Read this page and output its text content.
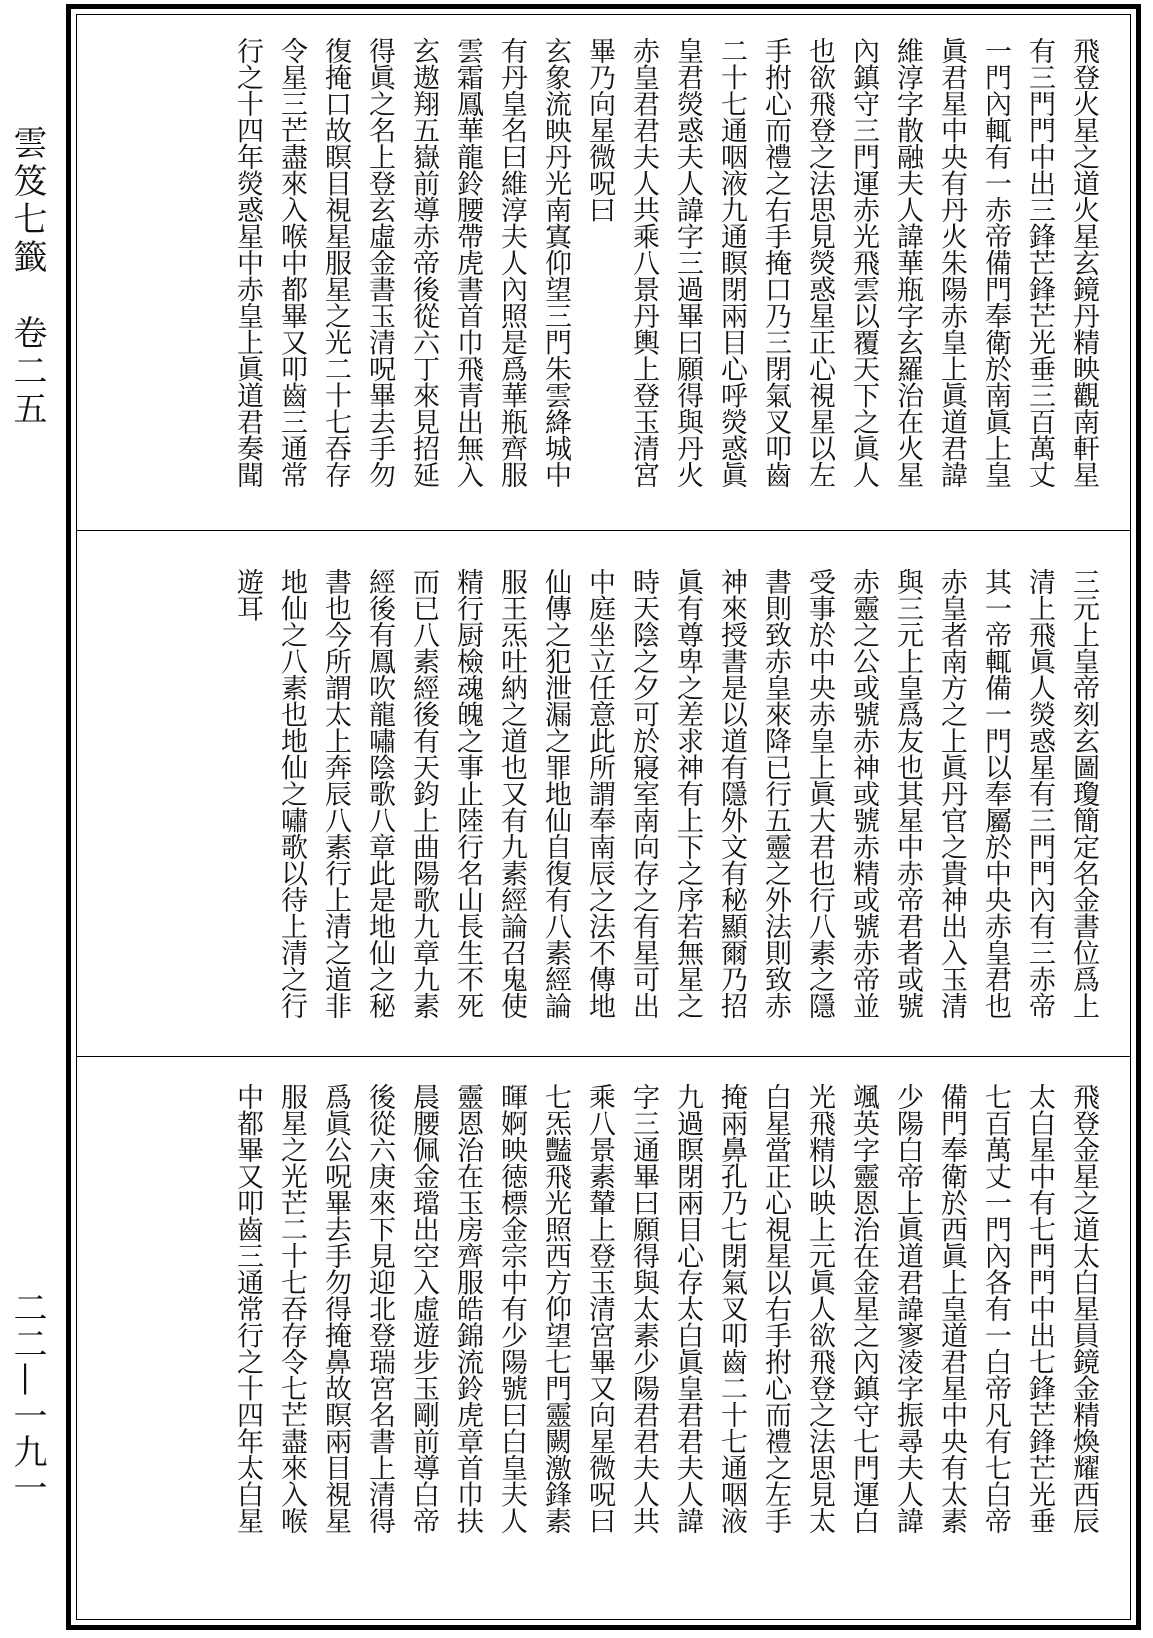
雲笈七籤　卷二五
二二—一九一
飛登火星之道火星玄鏡丹精映觀南軒星
有三門門中出三鋒芒鋒芒光垂三百萬丈
一門內輒有一赤帝備門奉衛於南眞上皇
眞君星中央有丹火朱陽赤皇上眞道君諱
維淳字散融夫人諱華瓶字玄羅治在火星
內鎮守三門運赤光飛雲以覆天下之眞人
也欲飛登之法思見熒惑星正心視星以左
手拊心而禮之右手掩口乃三閉氣叉叩齒
二十七通咽液九通瞑閉兩目心呼熒惑眞
皇君熒惑夫人諱字三過畢曰願得與丹火
赤皇君君夫人共乘八景丹輿上登玉清宮
畢乃向星微呪曰
玄象流映丹光南寘仰望三門朱雲絳城中
有丹皇名曰維淳夫人內照是爲華瓶齊服
雲霜鳳華龍鈴腰帶虎書首巾飛青出無入
玄遨翔五嶽前導赤帝後從六丁來見招延
得眞之名上登玄虛金書玉清呪畢去手勿
復掩口故瞑目視星服星之光二十七吞存
令星三芒盡來入喉中都畢又叩齒三通常
行之十四年熒惑星中赤皇上眞道君奏聞
三元上皇帝刻玄圖瓊簡定名金書位爲上
清上飛眞人熒惑星有三門門內有三赤帝
其一帝輒備一門以奉屬於中央赤皇君也
赤皇者南方之上眞丹官之貴神出入玉清
與三元上皇爲友也其星中赤帝君者或號
赤靈之公或號赤神或號赤精或號赤帝並
受事於中央赤皇上眞大君也行八素之隱
書則致赤皇來降已行五靈之外法則致赤
神來授書是以道有隱外文有秘顯爾乃招
眞有尊卑之差求神有上下之序若無星之
時天陰之夕可於寢室南向存之有星可出
中庭坐立任意此所謂奉南辰之法不傳地
仙傳之犯泄漏之罪地仙自復有八素經論
服王炁吐納之道也又有九素經論召鬼使
精行厨檢魂魄之事止陸行名山長生不死
而已八素經後有天鈞上曲陽歌九章九素
經後有鳳吹龍嘯陰歌八章此是地仙之秘
書也今所謂太上奔辰八素行上清之道非
地仙之八素也地仙之嘯歌以待上清之行
遊耳
飛登金星之道太白星員鏡金精煥耀西辰
太白星中有七門門中出七鋒芒鋒芒光垂
七百萬丈一門內各有一白帝凡有七白帝
備門奉衛於西眞上皇道君星中央有太素
少陽白帝上眞道君諱寥淩字振尋夫人諱
颯英字靈恩治在金星之內鎮守七門運白
光飛精以映上元眞人欲飛登之法思見太
白星當正心視星以右手拊心而禮之左手
掩兩鼻孔乃七閉氣叉叩齒二十七通咽液
九過瞑閉兩目心存太白眞皇君君夫人諱
字三通畢曰願得與太素少陽君君夫人共
乘八景素輦上登玉清宮畢又向星微呪曰
七炁豔飛光照西方仰望七門靈闕激鋒素
暉婀映徳標金宗中有少陽號曰白皇夫人
靈恩治在玉房齊服皓錦流鈴虎章首巾扶
晨腰佩金璫出空入虛遊步玉剛前導白帝
後從六庚來下見迎北登瑞宮名書上清得
爲眞公呪畢去手勿得掩鼻故瞑兩目視星
服星之光芒二十七吞存令七芒盡來入喉
中都畢又叩齒三通常行之十四年太白星
